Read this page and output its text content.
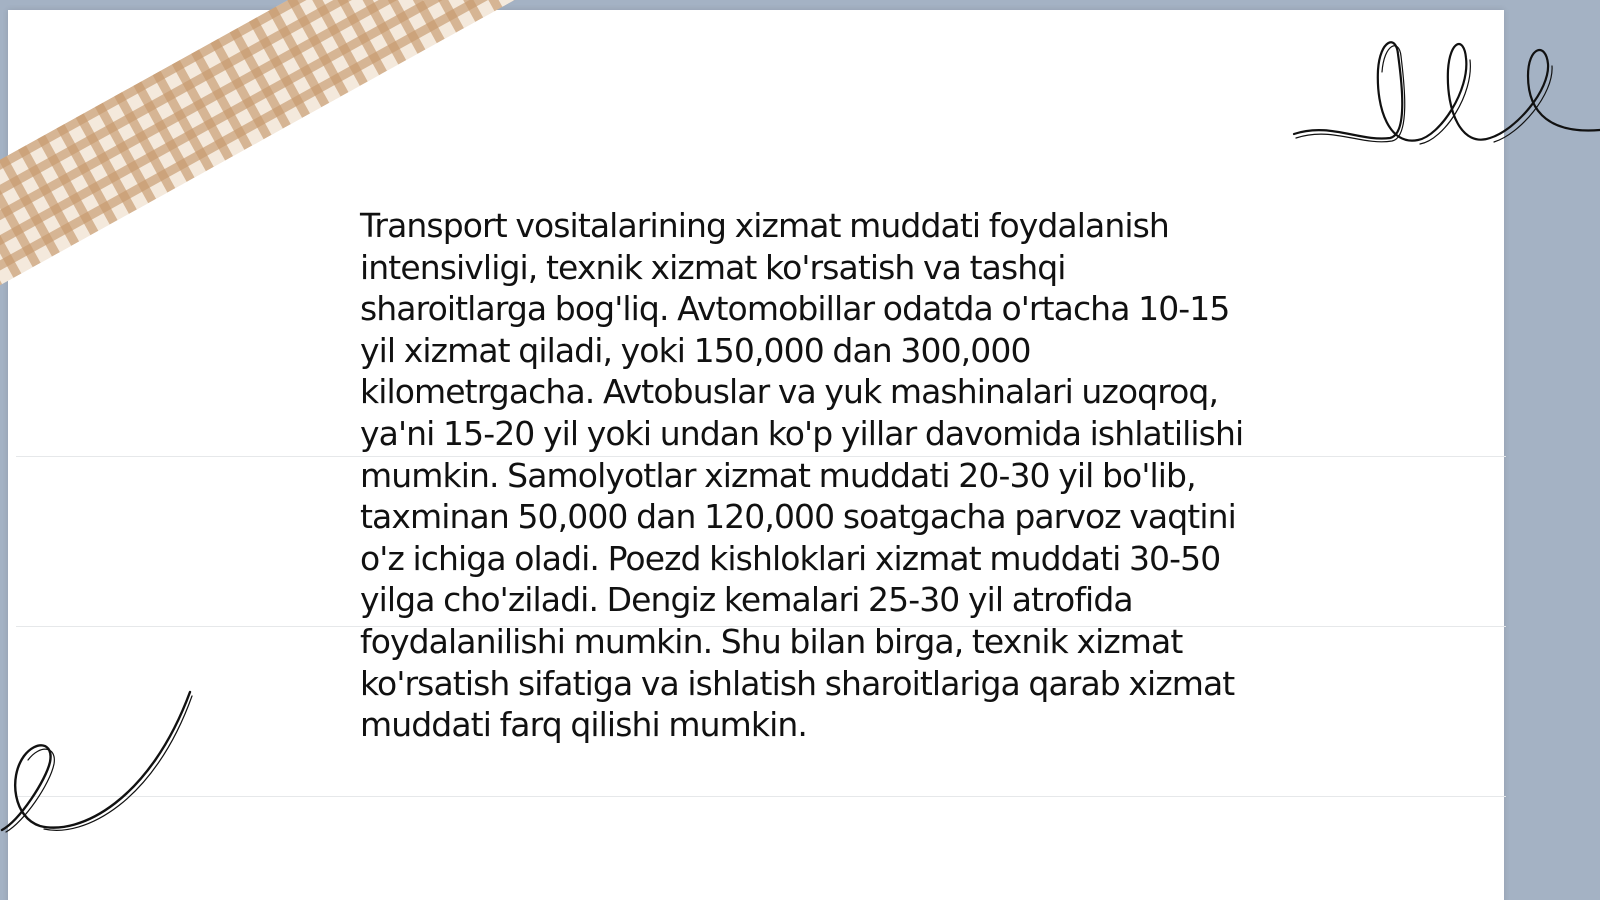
Transport vositalarining xizmat muddati foydalanish intensivligi, texnik xizmat ko'rsatish va tashqi sharoitlarga bog'liq. Avtomobillar odatda o'rtacha 10-15 yil xizmat qiladi, yoki 150,000 dan 300,000 kilometrgacha. Avtobuslar va yuk mashinalari uzoqroq, ya'ni 15-20 yil yoki undan ko'p yillar davomida ishlatilishi mumkin. Samolyotlar xizmat muddati 20-30 yil bo'lib, taxminan 50,000 dan 120,000 soatgacha parvoz vaqtini o'z ichiga oladi. Poezd kishloklari xizmat muddati 30-50 yilga cho'ziladi. Dengiz kemalari 25-30 yil atrofida foydalanilishi mumkin. Shu bilan birga, texnik xizmat ko'rsatish sifatiga va ishlatish sharoitlariga qarab xizmat muddati farq qilishi mumkin.
